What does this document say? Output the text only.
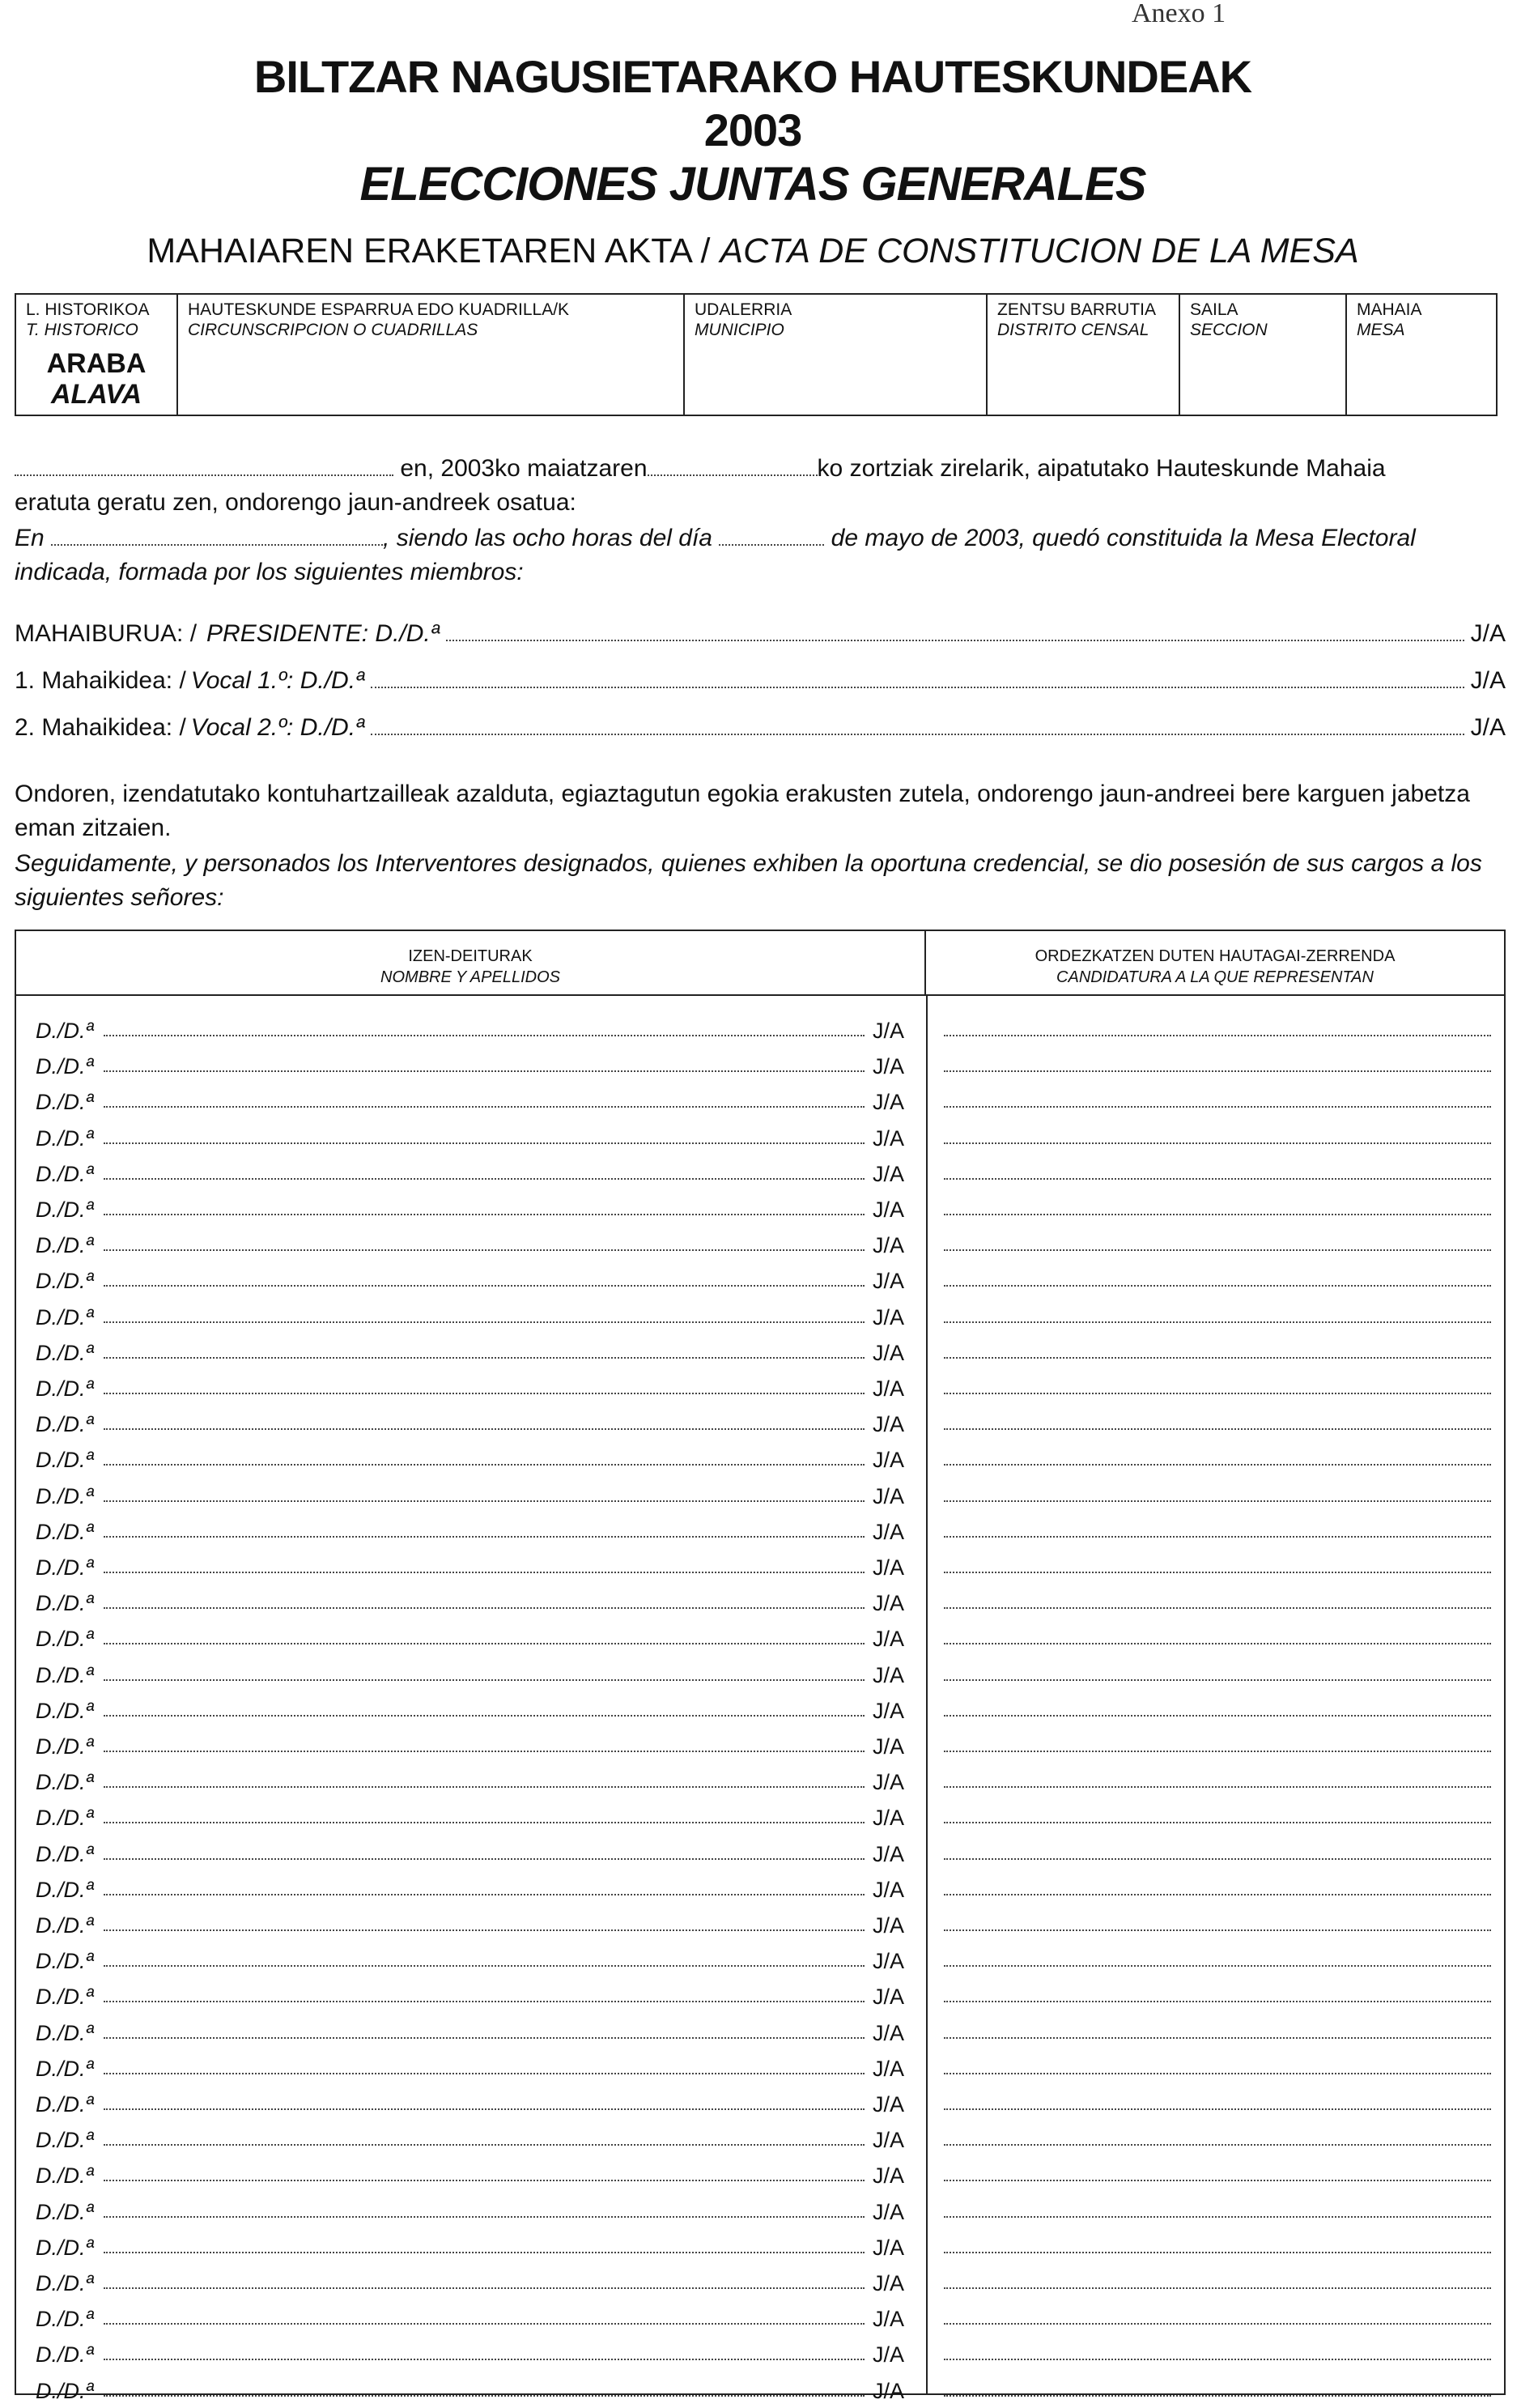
Anexo 1
BILTZAR NAGUSIETARAKO HAUTESKUNDEAK
2003
ELECCIONES JUNTAS GENERALES
MAHAIAREN ERAKETAREN AKTA / ACTA DE CONSTITUCION DE LA MESA
L. HISTORIKOA
T. HISTORICO
ARABA
ALAVA
HAUTESKUNDE ESPARRUA EDO KUADRILLA/K
CIRCUNSCRIPCION O CUADRILLAS
UDALERRIA
MUNICIPIO
ZENTSU BARRUTIA
DISTRITO CENSAL
SAILA
SECCION
MAHAIA
MESA
en, 2003ko maiatzaren	ko zortziak zirelarik, aipatutako Hauteskunde Mahaia
eratuta geratu zen, ondorengo jaun-andreek osatua:
En	, siendo las ocho horas del día	de mayo de 2003, quedó constituida la Mesa Electoral
indicada, formada por los siguientes miembros:
MAHAIBURUA: / PRESIDENTE: D./D.ª	J/A
1. Mahaikidea: / Vocal 1.º: D./D.ª	J/A
2. Mahaikidea: / Vocal 2.º: D./D.ª	J/A
Ondoren, izendatutako kontuhartzailleak azalduta, egiaztagutun egokia erakusten zutela, ondorengo jaun-andreei bere karguen jabetza eman zitzaien.
Seguidamente, y personados los Interventores designados, quienes exhiben la oportuna credencial, se dio posesión de sus cargos a los siguientes señores:
IZEN-DEITURAK
NOMBRE Y APELLIDOS
ORDEZKATZEN DUTEN HAUTAGAI-ZERRENDA
CANDIDATURA A LA QUE REPRESENTAN
D./D.ª	J/A
D./D.ª	J/A
D./D.ª	J/A
D./D.ª	J/A
D./D.ª	J/A
D./D.ª	J/A
D./D.ª	J/A
D./D.ª	J/A
D./D.ª	J/A
D./D.ª	J/A
D./D.ª	J/A
D./D.ª	J/A
D./D.ª	J/A
D./D.ª	J/A
D./D.ª	J/A
D./D.ª	J/A
D./D.ª	J/A
D./D.ª	J/A
D./D.ª	J/A
D./D.ª	J/A
D./D.ª	J/A
D./D.ª	J/A
D./D.ª	J/A
D./D.ª	J/A
D./D.ª	J/A
D./D.ª	J/A
D./D.ª	J/A
D./D.ª	J/A
D./D.ª	J/A
D./D.ª	J/A
D./D.ª	J/A
D./D.ª	J/A
D./D.ª	J/A
D./D.ª	J/A
D./D.ª	J/A
D./D.ª	J/A
D./D.ª	J/A
D./D.ª	J/A
D./D.ª	J/A
